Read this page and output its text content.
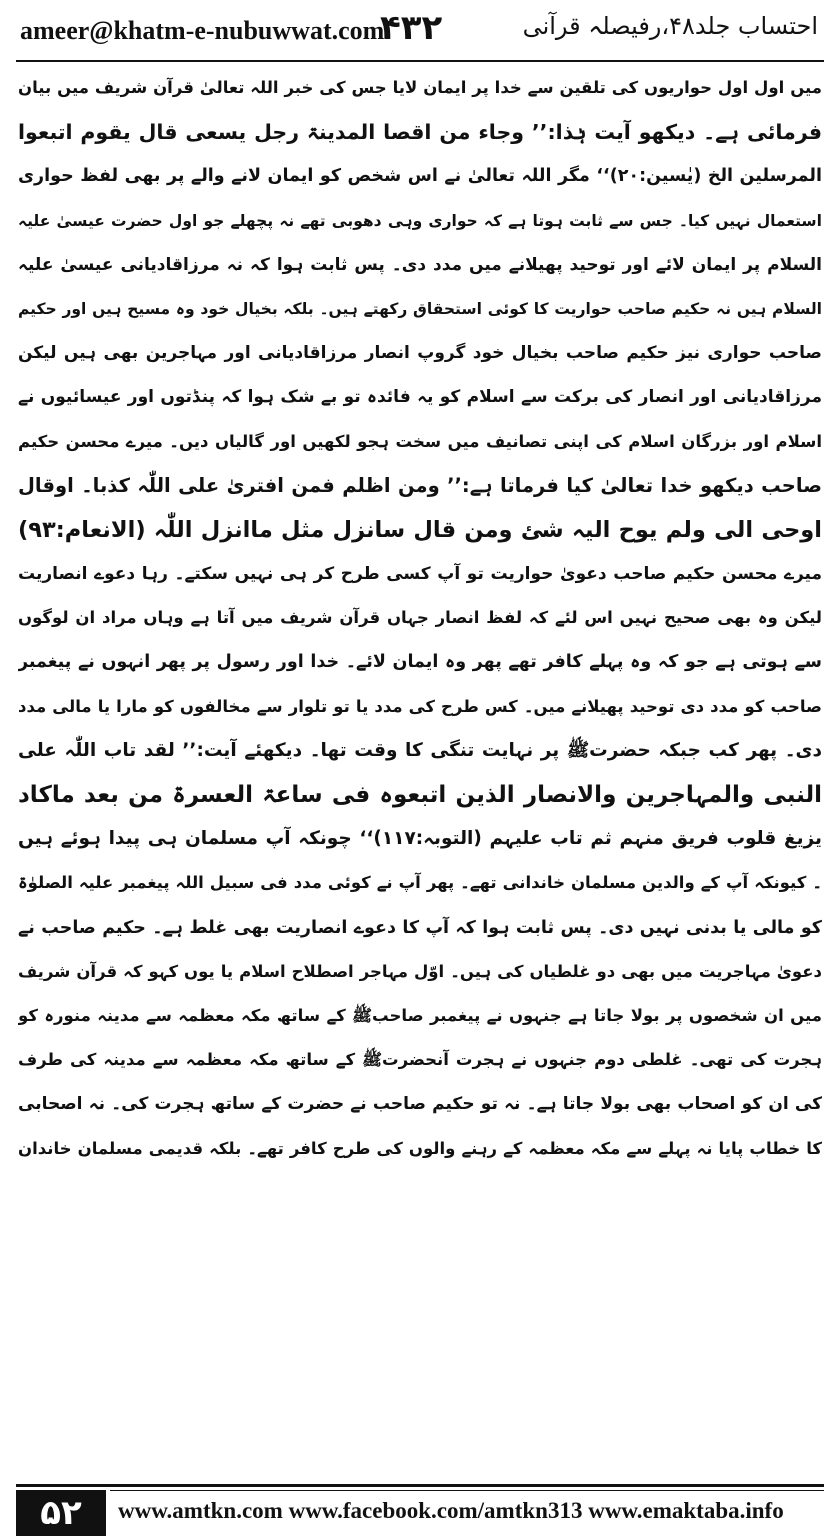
ameer@khatm-e-nubuwwat.com
۴۳۲	احتساب جلد۴۸،رفیصلہ قرآنی
میں اول اول حواریوں کی تلقین سے خدا پر ایمان لایا جس کی خبر اللہ تعالیٰ قرآن شریف میں بیان
فرمائی ہے۔ دیکھو آیت ہٰذا:’’ وجاء من اقصا المدینۃ رجل یسعی قال یقوم اتبعوا
المرسلین الخ (یٰسین:۲۰)‘‘ مگر اللہ تعالیٰ نے اس شخص کو ایمان لانے والے پر بھی لفظ حواری
استعمال نہیں کیا۔ جس سے ثابت ہوتا ہے کہ حواری وہی دھوبی تھے نہ پچھلے جو اول حضرت عیسیٰ علیہ
السلام پر ایمان لائے اور توحید پھیلانے میں مدد دی۔ پس ثابت ہوا کہ نہ مرزاقادیانی عیسیٰ علیہ
السلام ہیں نہ حکیم صاحب حواریت کا کوئی استحقاق رکھتے ہیں۔ بلکہ بخیال خود وہ مسیح ہیں اور حکیم
صاحب حواری نیز حکیم صاحب بخیال خود گروپ انصار مرزاقادیانی اور مہاجرین بھی ہیں لیکن
مرزاقادیانی اور انصار کی برکت سے اسلام کو یہ فائدہ تو بے شک ہوا کہ پنڈتوں اور عیسائیوں نے
اسلام اور بزرگان اسلام کی اپنی تصانیف میں سخت ہجو لکھیں اور گالیاں دیں۔ میرے محسن حکیم
صاحب دیکھو خدا تعالیٰ کیا فرماتا ہے:’’ ومن اظلم فمن افتریٰ علی اللّٰہ کذبا۔ اوقال
اوحی الی ولم یوح الیہ شئ ومن قال سانزل مثل ماانزل اللّٰہ (الانعام:۹۳)
میرے محسن حکیم صاحب دعویٰ حواریت تو آپ کسی طرح کر ہی نہیں سکتے۔ رہا دعوے انصاریت
لیکن وہ بھی صحیح نہیں اس لئے کہ لفظ انصار جہاں قرآن شریف میں آتا ہے وہاں مراد ان لوگوں
سے ہوتی ہے جو کہ وہ پہلے کافر تھے پھر وہ ایمان لائے۔ خدا اور رسول پر پھر انہوں نے پیغمبر
صاحب کو مدد دی توحید پھیلانے میں۔ کس طرح کی مدد یا تو تلوار سے مخالفوں کو مارا یا مالی مدد
دی۔ پھر کب جبکہ حضرتﷺ پر نہایت تنگی کا وقت تھا۔ دیکھئے آیت:’’ لقد تاب اللّٰہ علی
النبی والمہاجرین والانصار الذین اتبعوہ فی ساعۃ العسرۃ من بعد ماکاد
یزیغ قلوب فریق منہم ثم تاب علیہم (التوبہ:۱۱۷)‘‘ چونکہ آپ مسلمان ہی پیدا ہوئے ہیں
۔ کیونکہ آپ کے والدین مسلمان خاندانی تھے۔ پھر آپ نے کوئی مدد فی سبیل اللہ پیغمبر علیہ الصلوٰۃ
کو مالی یا بدنی نہیں دی۔ پس ثابت ہوا کہ آپ کا دعوے انصاریت بھی غلط ہے۔ حکیم صاحب نے
دعویٰ مہاجریت میں بھی دو غلطیاں کی ہیں۔ اوّل مہاجر اصطلاح اسلام یا یوں کہو کہ قرآن شریف
میں ان شخصوں پر بولا جاتا ہے جنہوں نے پیغمبر صاحبﷺ کے ساتھ مکہ معظمہ سے مدینہ منورہ کو
ہجرت کی تھی۔ غلطی دوم جنہوں نے ہجرت آنحضرتﷺ کے ساتھ مکہ معظمہ سے مدینہ کی طرف
کی ان کو اصحاب بھی بولا جاتا ہے۔ نہ تو حکیم صاحب نے حضرت کے ساتھ ہجرت کی۔ نہ اصحابی
کا خطاب پایا نہ پہلے سے مکہ معظمہ کے رہنے والوں کی طرح کافر تھے۔ بلکہ قدیمی مسلمان خاندان
۵۲	www.amtkn.com www.facebook.com/amtkn313 www.emaktaba.info
